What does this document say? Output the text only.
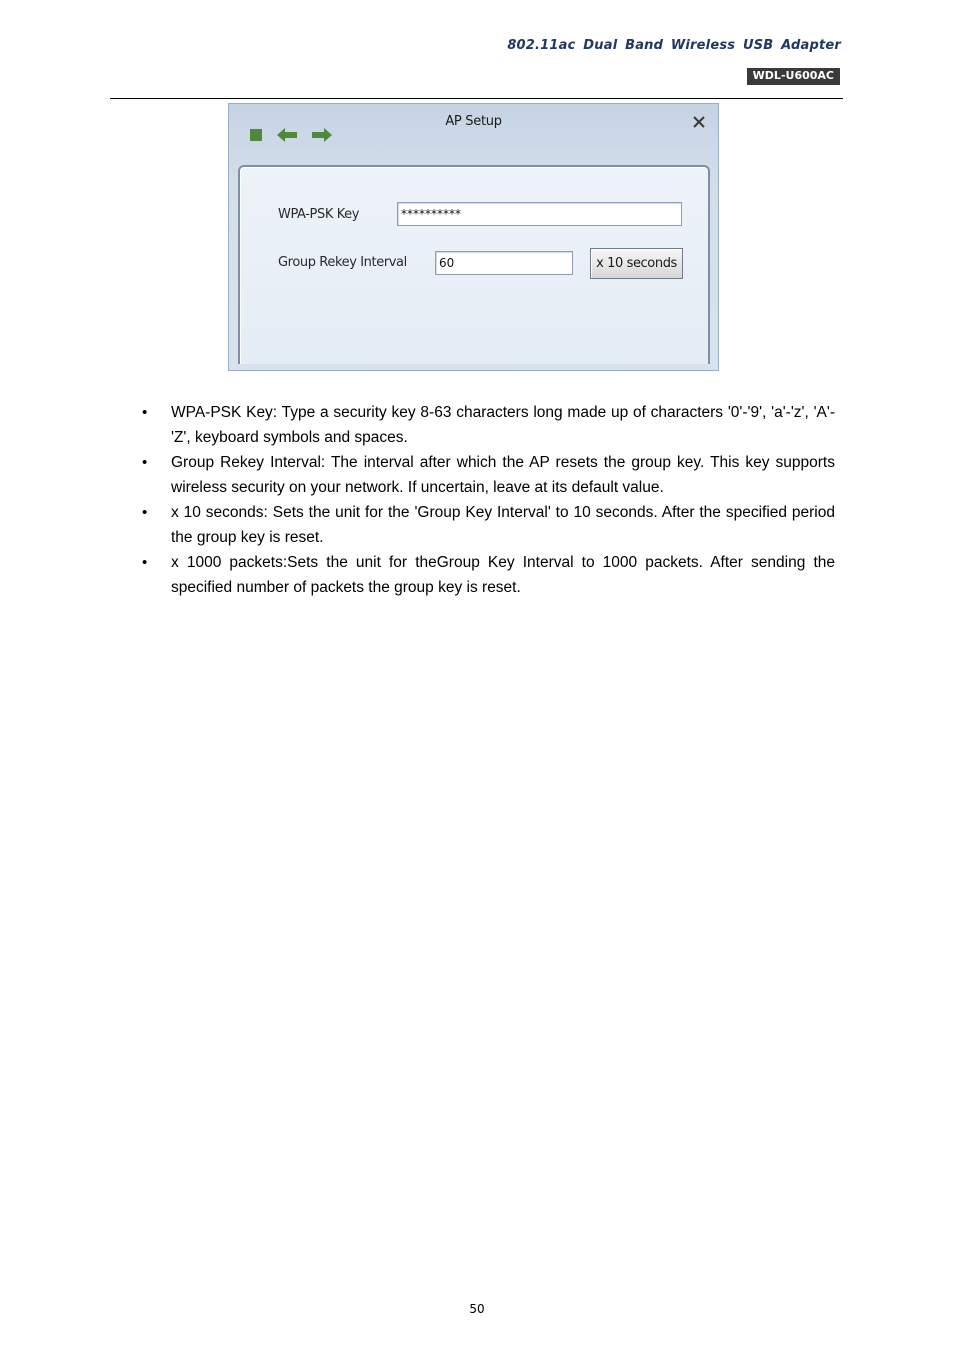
802.11ac Dual Band Wireless USB Adapter
WDL-U600AC
AP Setup
WPA-PSK Key	**********
Group Rekey Interval	60	x 10 seconds
• WPA-PSK Key: Type a security key 8-63 characters long made up of characters '0'-'9', 'a'-'z', 'A'-'Z', keyboard symbols and spaces.
• Group Rekey Interval: The interval after which the AP resets the group key. This key supports wireless security on your network. If uncertain, leave at its default value.
• x 10 seconds: Sets the unit for the 'Group Key Interval' to 10 seconds. After the specified period the group key is reset.
• x 1000 packets:Sets the unit for theGroup Key Interval to 1000 packets. After sending the specified number of packets the group key is reset.
50
